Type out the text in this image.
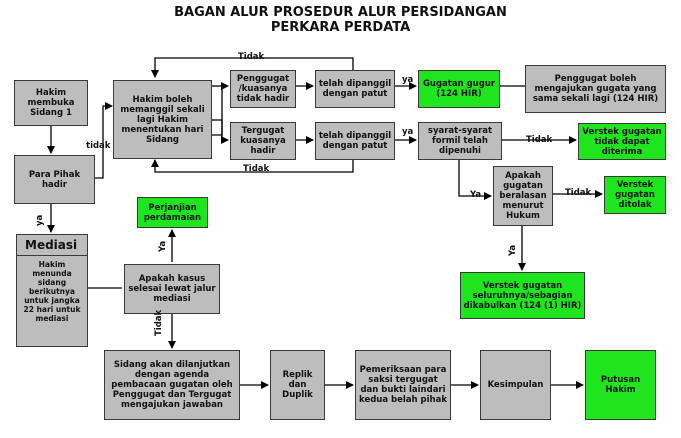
BAGAN ALUR PROSEDUR ALUR PERSIDANGAN
PERKARA PERDATA
Hakim membuka Sidang 1
Para Pihak hadir
Hakim boleh memanggil sekali lagi Hakim menentukan hari Sidang
Penggugat /kuasanya tidak hadir
Tergugat kuasanya hadir
telah dipanggil dengan patut
telah dipanggil dengan patut
Gugatan gugur (124 HIR)
Penggugat boleh mengajukan gugata yang sama sekali lagi (124 HIR)
syarat-syarat formil telah dipenuhi
Verstek gugatan tidak dapat diterima
Apakah gugatan beralasan menurut Hukum
Verstek gugatan ditolak
Verstek gugatan seluruhnya/sebagian dikabulkan (124 (1) HIR)
Mediasi
Hakim menunda sidang berikutnya untuk jangka 22 hari untuk mediasi
Perjanjian perdamaian
Apakah kasus selesai lewat jalur mediasi
Sidang akan dilanjutkan dengan agenda pembacaan gugatan oleh Penggugat dan Tergugat mengajukan jawaban
Replik dan Duplik
Pemeriksaan para saksi tergugat dan bukti laindari kedua belah pihak
Kesimpulan	Putusan Hakim
Tidak
tidak
ya
ya
Tidak
Tidak
Ya	Tidak
Ya
ya
Ya
Tidak
